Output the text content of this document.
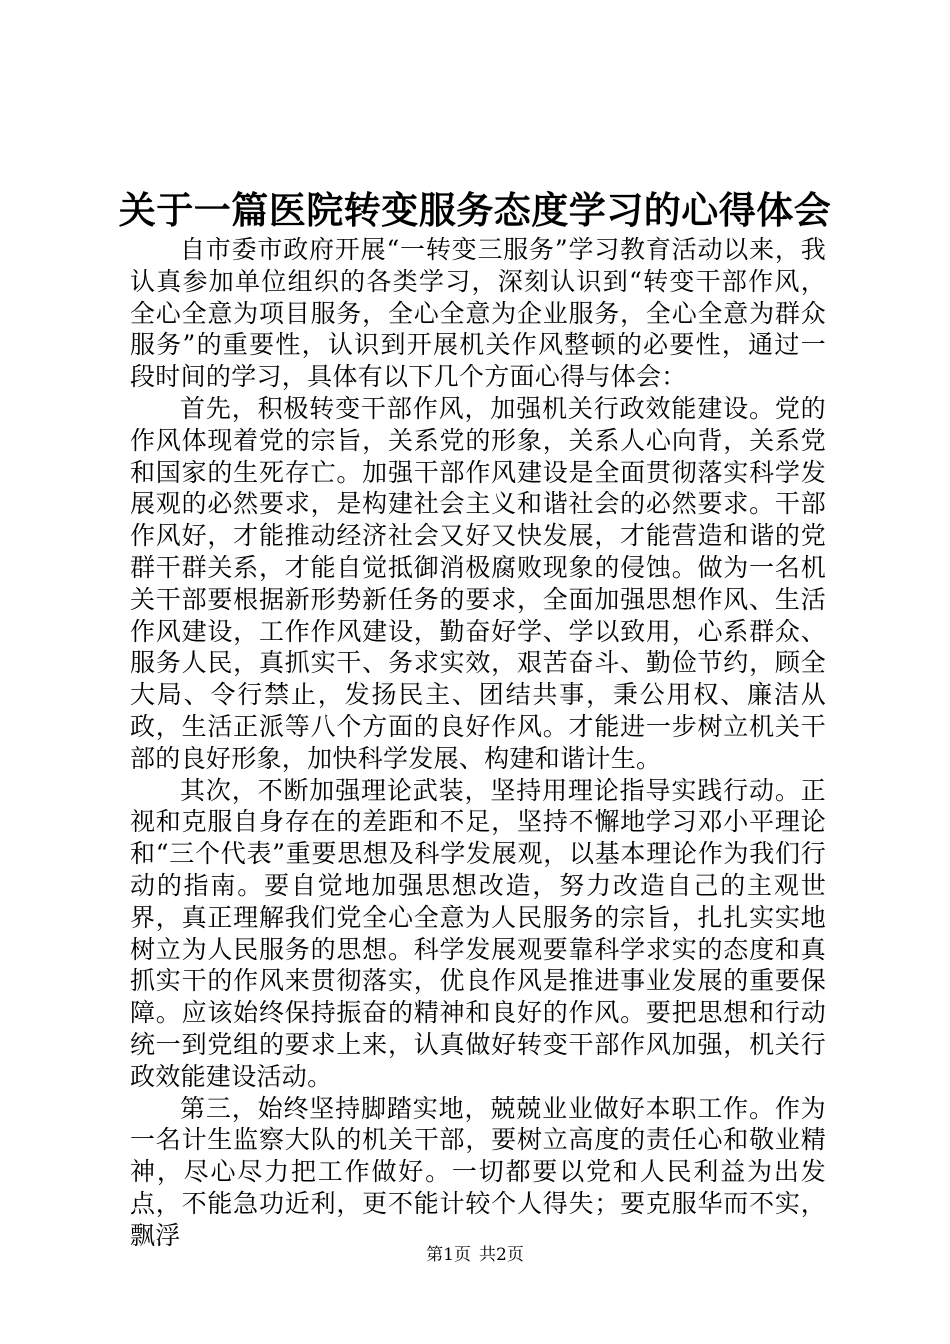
关于一篇医院转变服务态度学习的心得体会

自市委市政府开展“一转变三服务”学习教育活动以来，我认真参加单位组织的各类学习，深刻认识到“转变干部作风，全心全意为项目服务，全心全意为企业服务，全心全意为群众服务”的重要性，认识到开展机关作风整顿的必要性，通过一段时间的学习，具体有以下几个方面心得与体会：

首先，积极转变干部作风，加强机关行政效能建设。党的作风体现着党的宗旨，关系党的形象，关系人心向背，关系党和国家的生死存亡。加强干部作风建设是全面贯彻落实科学发展观的必然要求，是构建社会主义和谐社会的必然要求。干部作风好，才能推动经济社会又好又快发展，才能营造和谐的党群干群关系，才能自觉抵御消极腐败现象的侵蚀。做为一名机关干部要根据新形势新任务的要求，全面加强思想作风、生活作风建设，工作作风建设，勤奋好学、学以致用，心系群众、服务人民，真抓实干、务求实效，艰苦奋斗、勤俭节约，顾全大局、令行禁止，发扬民主、团结共事，秉公用权、廉洁从政，生活正派等八个方面的良好作风。才能进一步树立机关干部的良好形象，加快科学发展、构建和谐计生。

其次，不断加强理论武装，坚持用理论指导实践行动。正视和克服自身存在的差距和不足，坚持不懈地学习邓小平理论和“三个代表”重要思想及科学发展观，以基本理论作为我们行动的指南。要自觉地加强思想改造，努力改造自己的主观世界，真正理解我们党全心全意为人民服务的宗旨，扎扎实实地树立为人民服务的思想。科学发展观要靠科学求实的态度和真抓实干的作风来贯彻落实，优良作风是推进事业发展的重要保障。应该始终保持振奋的精神和良好的作风。要把思想和行动统一到党组的要求上来，认真做好转变干部作风加强，机关行政效能建设活动。

第三，始终坚持脚踏实地，兢兢业业做好本职工作。作为一名计生监察大队的机关干部，要树立高度的责任心和敬业精神，尽心尽力把工作做好。一切都要以党和人民利益为出发点，不能急功近利，更不能计较个人得失；要克服华而不实，飘浮

第1页 共2页
